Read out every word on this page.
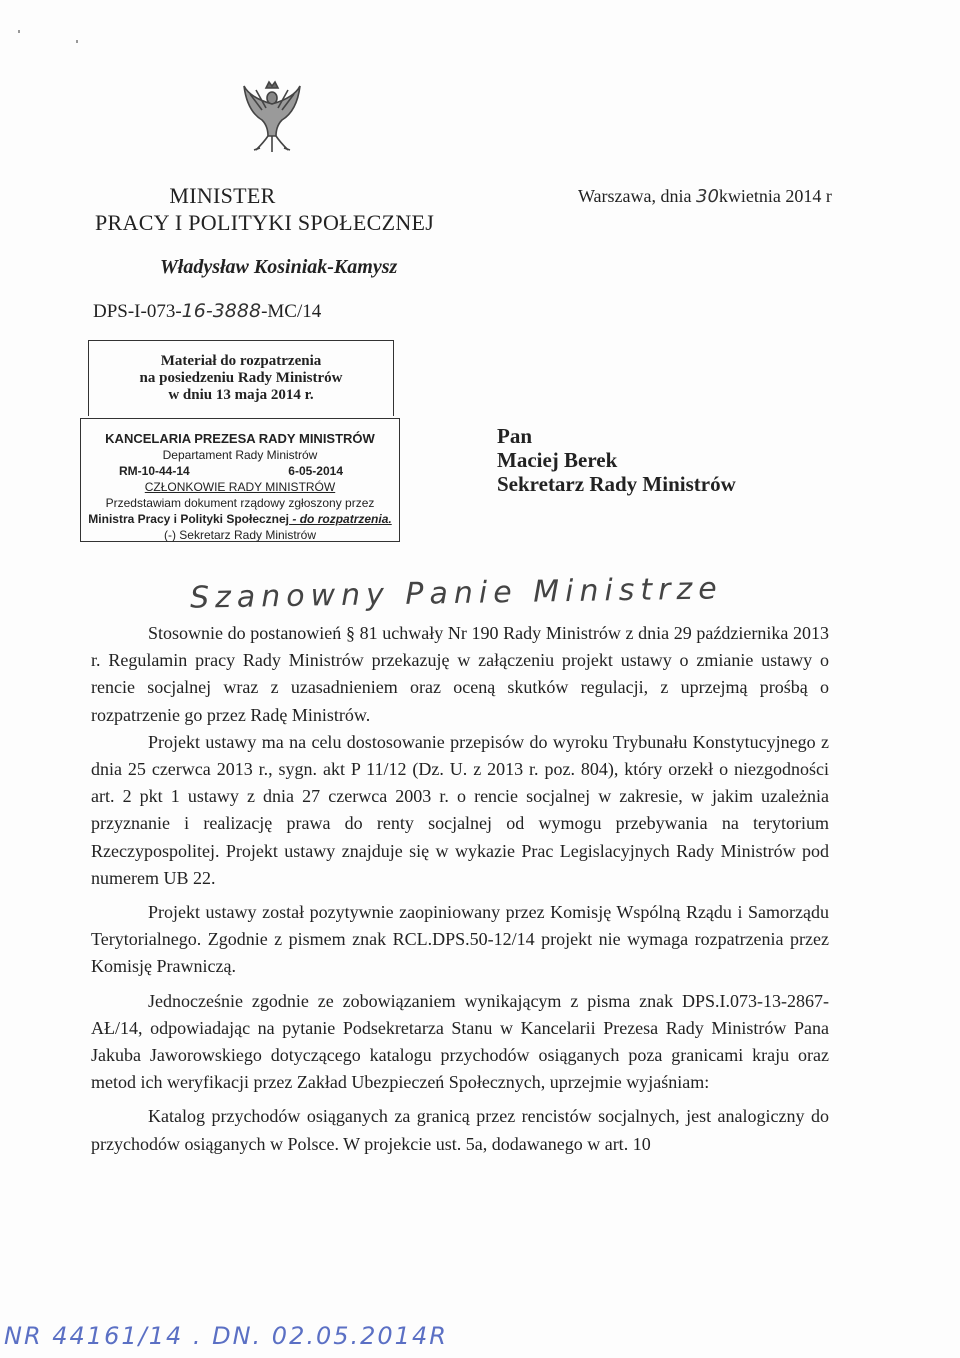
MINISTER
PRACY I POLITYKI SPOŁECZNEJ
Warszawa, dnia 30kwietnia 2014 r
Władysław Kosiniak-Kamysz
DPS-I-073-16-3888-MC/14
Materiał do rozpatrzenia
na posiedzeniu Rady Ministrów
w dniu 13 maja 2014 r.
KANCELARIA PREZESA RADY MINISTRÓW
Departament Rady Ministrów
RM-10-44-14	6-05-2014
CZŁONKOWIE RADY MINISTRÓW
Przedstawiam dokument rządowy zgłoszony przez
Ministra Pracy i Polityki Społecznej - do rozpatrzenia.
(-) Sekretarz Rady Ministrów
Pan
Maciej Berek
Sekretarz Rady Ministrów
Szanowny Panie Ministrze

Stosownie do postanowień § 81 uchwały Nr 190 Rady Ministrów z dnia 29 października 2013 r. Regulamin pracy Rady Ministrów przekazuję w załączeniu projekt ustawy o zmianie ustawy o rencie socjalnej wraz z uzasadnieniem oraz oceną skutków regulacji, z uprzejmą prośbą o rozpatrzenie go przez Radę Ministrów.

Projekt ustawy ma na celu dostosowanie przepisów do wyroku Trybunału Konstytucyjnego z dnia 25 czerwca 2013 r., sygn. akt P 11/12 (Dz. U. z 2013 r. poz. 804), który orzekł o niezgodności art. 2 pkt 1 ustawy z dnia 27 czerwca 2003 r. o rencie socjalnej w zakresie, w jakim uzależnia przyznanie i realizację prawa do renty socjalnej od wymogu przebywania na terytorium Rzeczypospolitej. Projekt ustawy znajduje się w wykazie Prac Legislacyjnych Rady Ministrów pod numerem UB 22.

Projekt ustawy został pozytywnie zaopiniowany przez Komisję Wspólną Rządu i Samorządu Terytorialnego. Zgodnie z pismem znak RCL.DPS.50-12/14 projekt nie wymaga rozpatrzenia przez Komisję Prawniczą.

Jednocześnie zgodnie ze zobowiązaniem wynikającym z pisma znak DPS.I.073-13-2867-AŁ/14, odpowiadając na pytanie Podsekretarza Stanu w Kancelarii Prezesa Rady Ministrów Pana Jakuba Jaworowskiego dotyczącego katalogu przychodów osiąganych poza granicami kraju oraz metod ich weryfikacji przez Zakład Ubezpieczeń Społecznych, uprzejmie wyjaśniam:

Katalog przychodów osiąganych za granicą przez rencistów socjalnych, jest analogiczny do przychodów osiąganych w Polsce. W projekcie ust. 5a, dodawanego w art. 10

NR 44161/14 . DN. 02.05.2014R
